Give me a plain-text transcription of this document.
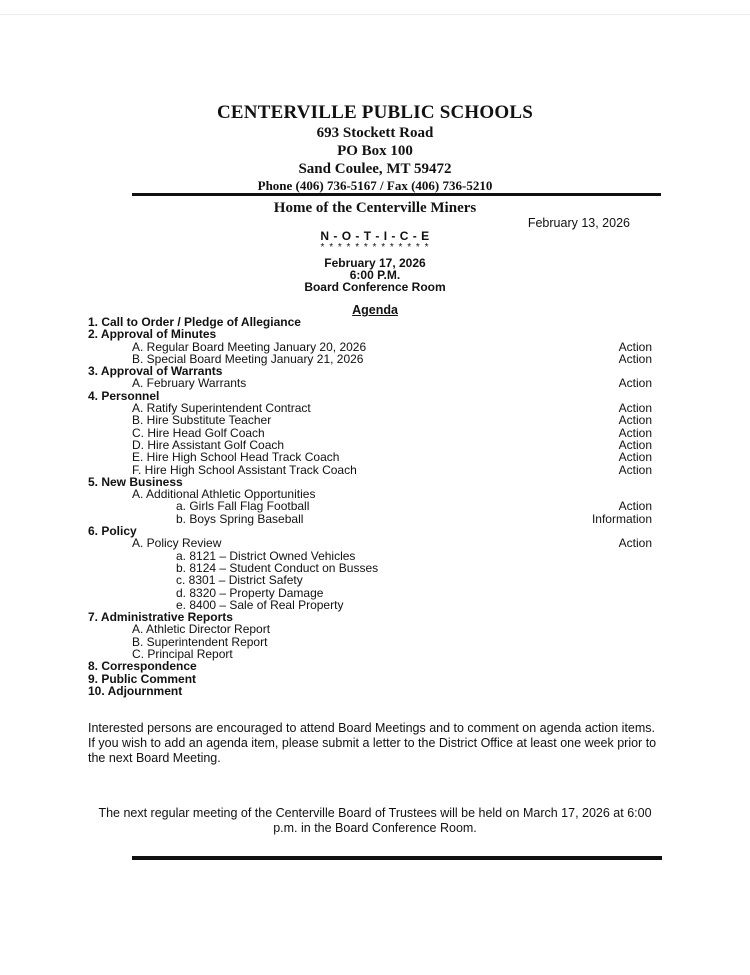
CENTERVILLE PUBLIC SCHOOLS
693 Stockett Road
PO Box 100
Sand Coulee, MT 59472
Phone (406) 736-5167 / Fax (406) 736-5210
Home of the Centerville Miners
February 13, 2026
N - O - T - I - C - E
* * * * * * * * * * * * *
February 17, 2026
6:00 P.M.
Board Conference Room
Agenda
1. Call to Order / Pledge of Allegiance
2. Approval of Minutes
A. Regular Board Meeting January 20, 2026	Action
B. Special Board Meeting January 21, 2026	Action
3. Approval of Warrants
A. February Warrants	Action
4. Personnel
A. Ratify Superintendent Contract	Action
B. Hire Substitute Teacher	Action
C. Hire Head Golf Coach	Action
D. Hire Assistant Golf Coach	Action
E. Hire High School Head Track Coach	Action
F. Hire High School Assistant Track Coach	Action
5. New Business
A. Additional Athletic Opportunities
a. Girls Fall Flag Football	Action
b. Boys Spring Baseball	Information
6. Policy
A. Policy Review	Action
a. 8121 – District Owned Vehicles
b. 8124 – Student Conduct on Busses
c. 8301 – District Safety
d. 8320 – Property Damage
e. 8400 – Sale of Real Property
7. Administrative Reports
A. Athletic Director Report
B. Superintendent Report
C. Principal Report
8. Correspondence
9. Public Comment
10. Adjournment
Interested persons are encouraged to attend Board Meetings and to comment on agenda action items. If you wish to add an agenda item, please submit a letter to the District Office at least one week prior to the next Board Meeting.
The next regular meeting of the Centerville Board of Trustees will be held on March 17, 2026 at 6:00 p.m. in the Board Conference Room.
